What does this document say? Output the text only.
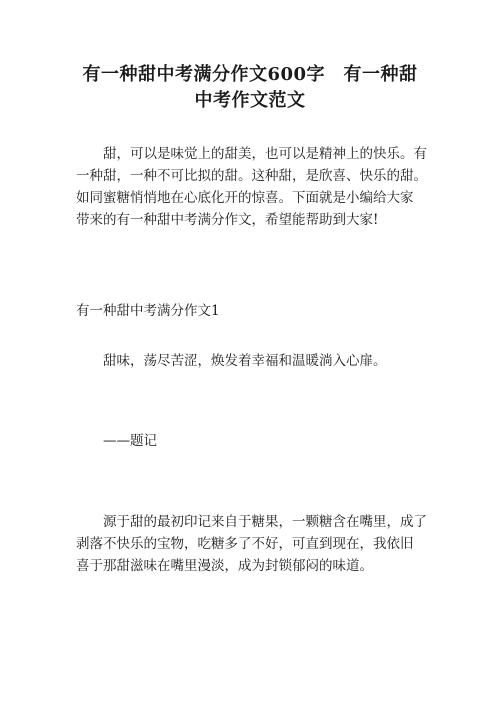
有一种甜中考满分作文600字　有一种甜
中考作文范文

　　甜，可以是味觉上的甜美，也可以是精神上的快乐。有
一种甜，一种不可比拟的甜。这种甜，是欣喜、快乐的甜。
如同蜜糖悄悄地在心底化开的惊喜。下面就是小编给大家
带来的有一种甜中考满分作文，希望能帮助到大家!

有一种甜中考满分作文1

　　甜味，荡尽苦涩，焕发着幸福和温暖淌入心扉。

　　——题记

　　源于甜的最初印记来自于糖果，一颗糖含在嘴里，成了
剥落不快乐的宝物，吃糖多了不好，可直到现在，我依旧
喜于那甜滋味在嘴里漫淡，成为封锁郁闷的味道。
